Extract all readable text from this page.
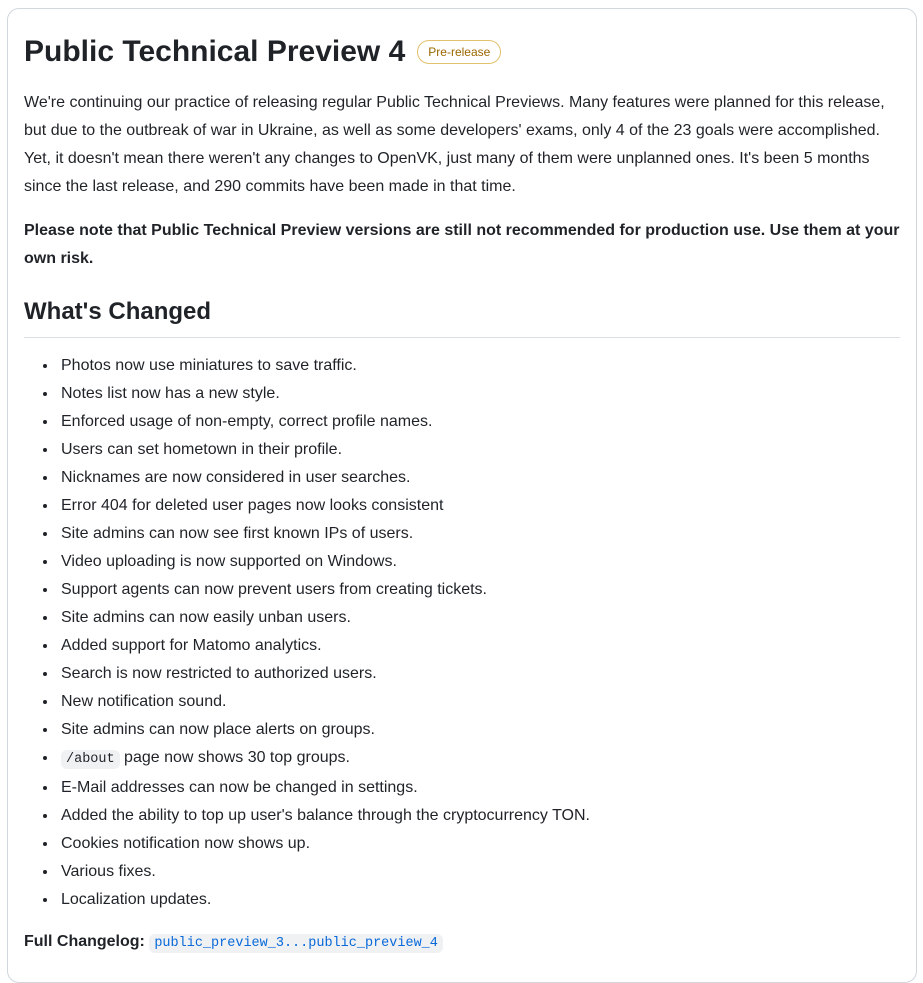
Public Technical Preview 4	Pre-release

We're continuing our practice of releasing regular Public Technical Previews. Many features were planned for this release, but due to the outbreak of war in Ukraine, as well as some developers' exams, only 4 of the 23 goals were accomplished. Yet, it doesn't mean there weren't any changes to OpenVK, just many of them were unplanned ones. It's been 5 months since the last release, and 290 commits have been made in that time.

Please note that Public Technical Preview versions are still not recommended for production use. Use them at your own risk.

What's Changed
• Photos now use miniatures to save traffic.
• Notes list now has a new style.
• Enforced usage of non-empty, correct profile names.
• Users can set hometown in their profile.
• Nicknames are now considered in user searches.
• Error 404 for deleted user pages now looks consistent
• Site admins can now see first known IPs of users.
• Video uploading is now supported on Windows.
• Support agents can now prevent users from creating tickets.
• Site admins can now easily unban users.
• Added support for Matomo analytics.
• Search is now restricted to authorized users.
• New notification sound.
• Site admins can now place alerts on groups.
• /about page now shows 30 top groups.
• E-Mail addresses can now be changed in settings.
• Added the ability to top up user's balance through the cryptocurrency TON.
• Cookies notification now shows up.
• Various fixes.
• Localization updates.

Full Changelog: public_preview_3...public_preview_4
